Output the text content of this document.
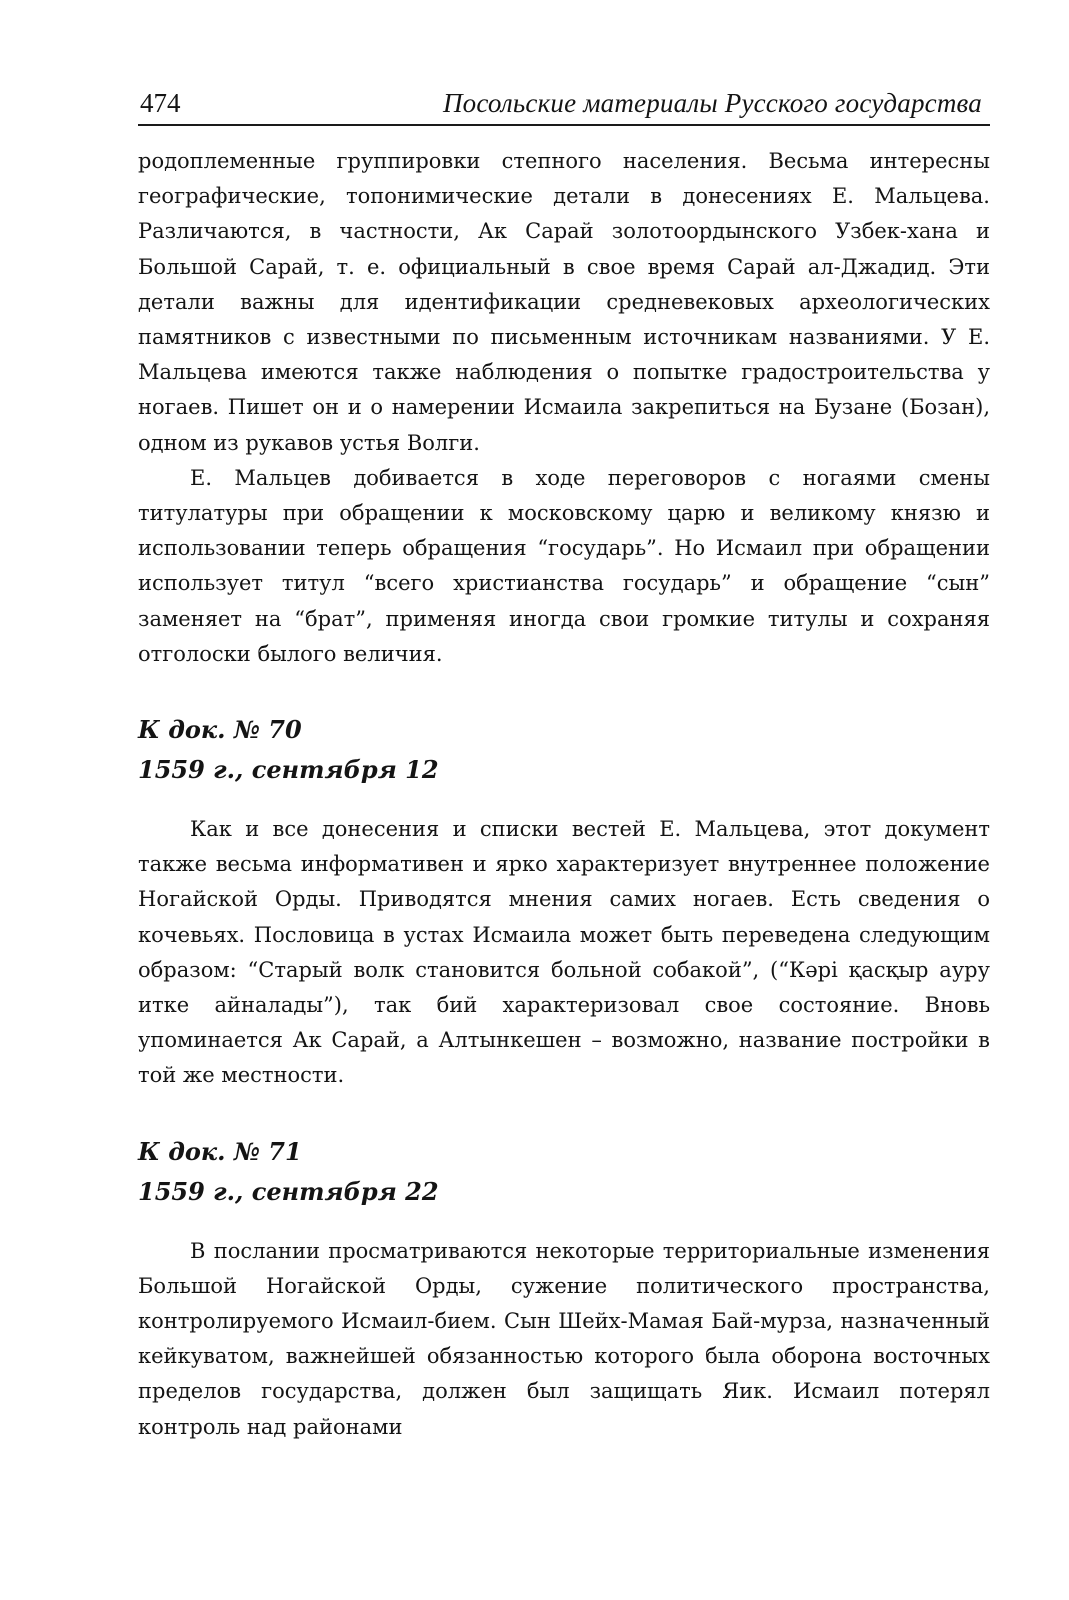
474	Посольские материалы Русского государства

родоплеменные группировки степного населения. Весьма интересны географические, топонимические детали в донесениях Е. Мальцева. Различаются, в частности, Ак Сарай золотоордынского Узбек-хана и Большой Сарай, т. е. официальный в свое время Сарай ал-Джадид. Эти детали важны для идентификации средневековых археологических памятников с известными по письменным источникам названиями. У Е. Мальцева имеются также наблюдения о попытке градостроительства у ногаев. Пишет он и о намерении Исмаила закрепиться на Бузане (Бозан), одном из рукавов устья Волги.

Е. Мальцев добивается в ходе переговоров с ногаями смены титулатуры при обращении к московскому царю и великому князю и использовании теперь обращения “государь”. Но Исмаил при обращении использует титул “всего христианства государь” и обращение “сын” заменяет на “брат”, применяя иногда свои громкие титулы и сохраняя отголоски былого величия.

К док. № 70
1559 г., сентября 12

Как и все донесения и списки вестей Е. Мальцева, этот документ также весьма информативен и ярко характеризует внутреннее положение Ногайской Орды. Приводятся мнения самих ногаев. Есть сведения о кочевьях. Пословица в устах Исмаила может быть переведена следующим образом: “Старый волк становится больной собакой”, (“Кәрі қасқыр ауру итке айналады”), так бий характеризовал свое состояние. Вновь упоминается Ак Сарай, а Алтынкешен – возможно, название постройки в той же местности.

К док. № 71
1559 г., сентября 22

В послании просматриваются некоторые территориальные изменения Большой Ногайской Орды, сужение политического пространства, контролируемого Исмаил-бием. Сын Шейх-Мамая Бай-мурза, назначенный кейкуватом, важнейшей обязанностью которого была оборона восточных пределов государства, должен был защищать Яик. Исмаил потерял контроль над районами
